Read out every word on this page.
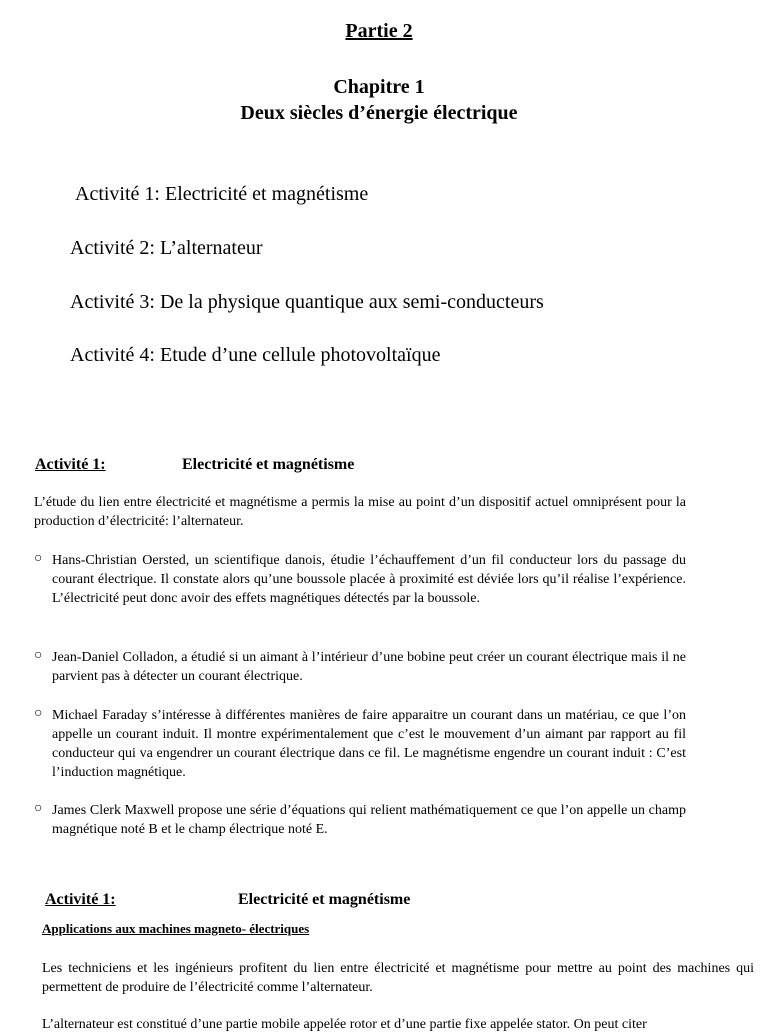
Partie 2
Chapitre 1
Deux siècles d’énergie électrique
Activité 1: Electricité et magnétisme
Activité 2: L’alternateur
Activité 3: De la physique quantique aux semi-conducteurs
Activité 4: Etude d’une cellule photovoltaïque
Activité 1:	Electricité et magnétisme
L’étude du lien entre électricité et magnétisme a permis la mise au point d’un dispositif actuel omniprésent pour la production d’électricité: l’alternateur.
○ Hans-Christian Oersted, un scientifique danois, étudie l’échauffement d’un fil conducteur lors du passage du courant électrique. Il constate alors qu’une boussole placée à proximité est déviée lors qu’il réalise l’expérience. L’électricité peut donc avoir des effets magnétiques détectés par la boussole.
○ Jean-Daniel Colladon, a étudié si un aimant à l’intérieur d’une bobine peut créer un courant électrique mais il ne parvient pas à détecter un courant électrique.
○ Michael Faraday s’intéresse à différentes manières de faire apparaitre un courant dans un matériau, ce que l’on appelle un courant induit. Il montre expérimentalement que c’est le mouvement d’un aimant par rapport au fil conducteur qui va engendrer un courant électrique dans ce fil. Le magnétisme engendre un courant induit : C’est l’induction magnétique.
○ James Clerk Maxwell propose une série d’équations qui relient mathématiquement ce que l’on appelle un champ magnétique noté B et le champ électrique noté E.
Activité 1:	Electricité et magnétisme
Applications aux machines magneto- électriques
Les techniciens et les ingénieurs profitent du lien entre électricité et magnétisme pour mettre au point des machines qui permettent de produire de l’électricité comme l’alternateur.
L’alternateur est constitué d’une partie mobile appelée rotor et d’une partie fixe appelée stator. On peut citer
